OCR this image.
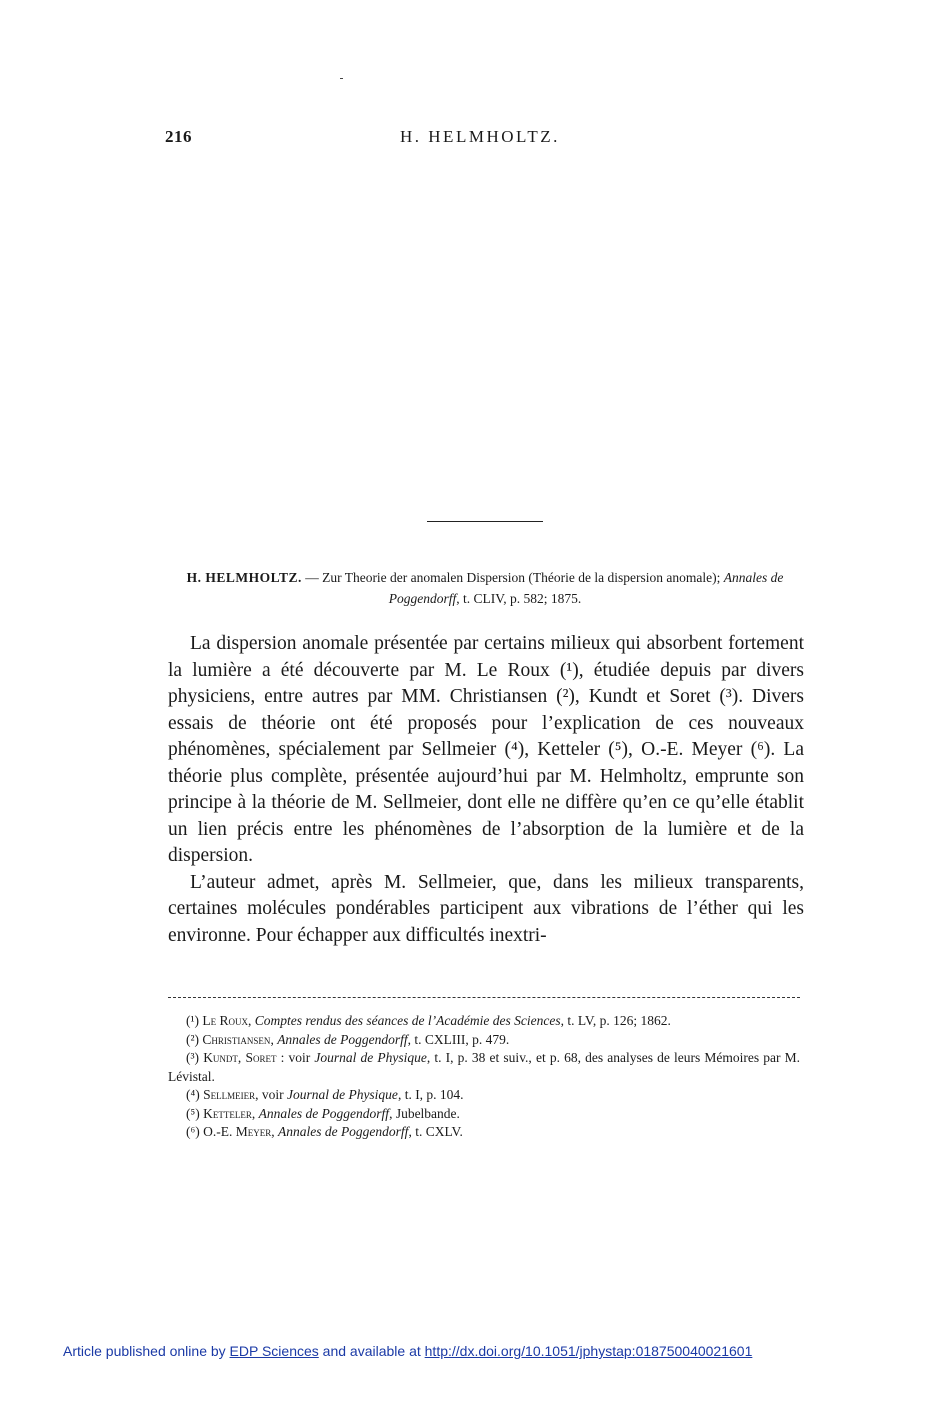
216	H. HELMHOLTZ.
H. HELMHOLTZ. — Zur Theorie der anomalen Dispersion (Théorie de la dispersion anomale); Annales de Poggendorff, t. CLIV, p. 582; 1875.

La dispersion anomale présentée par certains milieux qui absorbent fortement la lumière a été découverte par M. Le Roux (¹), étudiée depuis par divers physiciens, entre autres par MM. Christiansen (²), Kundt et Soret (³). Divers essais de théorie ont été proposés pour l’explication de ces nouveaux phénomènes, spécialement par Sellmeier (⁴), Ketteler (⁵), O.-E. Meyer (⁶). La théorie plus complète, présentée aujourd’hui par M. Helmholtz, emprunte son principe à la théorie de M. Sellmeier, dont elle ne diffère qu’en ce qu’elle établit un lien précis entre les phénomènes de l’absorption de la lumière et de la dispersion.

L’auteur admet, après M. Sellmeier, que, dans les milieux transparents, certaines molécules pondérables participent aux vibrations de l’éther qui les environne. Pour échapper aux difficultés inextri-

(¹) Le Roux, Comptes rendus des séances de l’Académie des Sciences, t. LV, p. 126; 1862.

(²) Christiansen, Annales de Poggendorff, t. CXLIII, p. 479.

(³) Kundt, Soret : voir Journal de Physique, t. I, p. 38 et suiv., et p. 68, des analyses de leurs Mémoires par M. Lévistal.

(⁴) Sellmeier, voir Journal de Physique, t. I, p. 104.

(⁵) Ketteler, Annales de Poggendorff, Jubelbande.

(⁶) O.-E. Meyer, Annales de Poggendorff, t. CXLV.

Article published online by EDP Sciences and available at http://dx.doi.org/10.1051/jphystap:018750040021601
